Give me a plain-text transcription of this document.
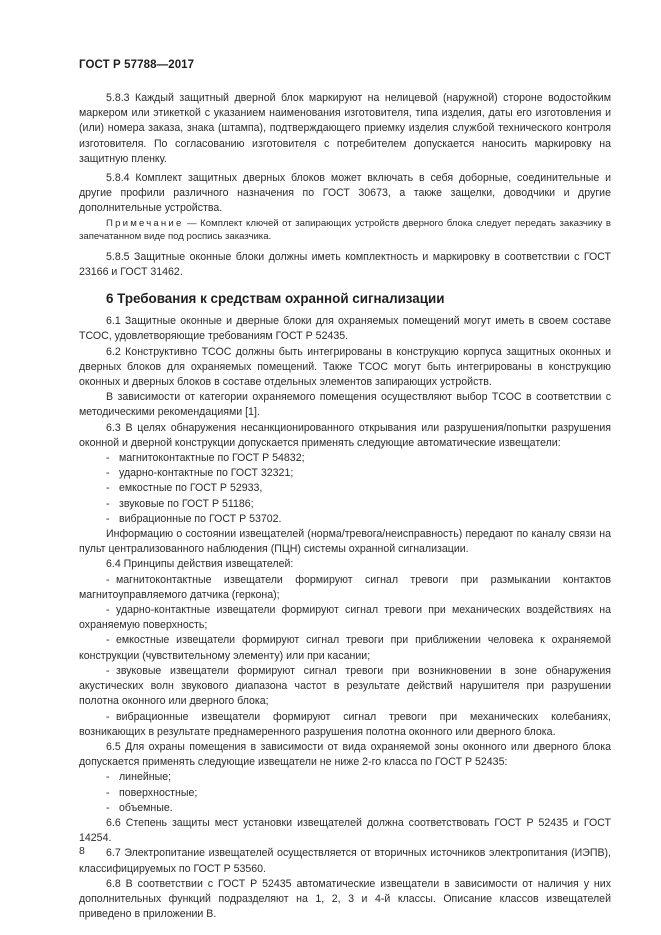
ГОСТ Р 57788—2017

5.8.3 Каждый защитный дверной блок маркируют на нелицевой (наружной) стороне водостойким маркером или этикеткой с указанием наименования изготовителя, типа изделия, даты его изготовления и (или) номера заказа, знака (штампа), подтверждающего приемку изделия службой технического контроля изготовителя. По согласованию изготовителя с потребителем допускается наносить маркировку на защитную пленку.

5.8.4 Комплект защитных дверных блоков может включать в себя доборные, соединительные и другие профили различного назначения по ГОСТ 30673, а также защелки, доводчики и другие дополнительные устройства.

Примечание — Комплект ключей от запирающих устройств дверного блока следует передать заказчику в запечатанном виде под роспись заказчика.

5.8.5 Защитные оконные блоки должны иметь комплектность и маркировку в соответствии с ГОСТ 23166 и ГОСТ 31462.

6 Требования к средствам охранной сигнализации

6.1 Защитные оконные и дверные блоки для охраняемых помещений могут иметь в своем составе ТСОС, удовлетворяющие требованиям ГОСТ Р 52435.

6.2 Конструктивно ТСОС должны быть интегрированы в конструкцию корпуса защитных оконных и дверных блоков для охраняемых помещений. Также ТСОС могут быть интегрированы в конструкцию оконных и дверных блоков в составе отдельных элементов запирающих устройств.

В зависимости от категории охраняемого помещения осуществляют выбор ТСОС в соответствии с методическими рекомендациями [1].

6.3 В целях обнаружения несанкционированного открывания или разрушения/попытки разрушения оконной и дверной конструкции допускается применять следующие автоматические извещатели:

- магнитоконтактные по ГОСТ Р 54832;

- ударно-контактные по ГОСТ 32321;

- емкостные по ГОСТ Р 52933,

- звуковые по ГОСТ Р 51186;

- вибрационные по ГОСТ Р 53702.

Информацию о состоянии извещателей (норма/тревога/неисправность) передают по каналу связи на пульт централизованного наблюдения (ПЦН) системы охранной сигнализации.

6.4 Принципы действия извещателей:

- магнитоконтактные извещатели формируют сигнал тревоги при размыкании контактов магнитоуправляемого датчика (геркона);

- ударно-контактные извещатели формируют сигнал тревоги при механических воздействиях на охраняемую поверхность;

- емкостные извещатели формируют сигнал тревоги при приближении человека к охраняемой конструкции (чувствительному элементу) или при касании;

- звуковые извещатели формируют сигнал тревоги при возникновении в зоне обнаружения акустических волн звукового диапазона частот в результате действий нарушителя при разрушении полотна оконного или дверного блока;

- вибрационные извещатели формируют сигнал тревоги при механических колебаниях, возникающих в результате преднамеренного разрушения полотна оконного или дверного блока.

6.5 Для охраны помещения в зависимости от вида охраняемой зоны оконного или дверного блока допускается применять следующие извещатели не ниже 2-го класса по ГОСТ Р 52435:

- линейные;

- поверхностные;

- объемные.

6.6 Степень защиты мест установки извещателей должна соответствовать ГОСТ Р 52435 и ГОСТ 14254.

6.7 Электропитание извещателей осуществляется от вторичных источников электропитания (ИЭПВ), классифицируемых по ГОСТ Р 53560.

6.8 В соответствии с ГОСТ Р 52435 автоматические извещатели в зависимости от наличия у них дополнительных функций подразделяют на 1, 2, 3 и 4-й классы. Описание классов извещателей приведено в приложении В.

8
